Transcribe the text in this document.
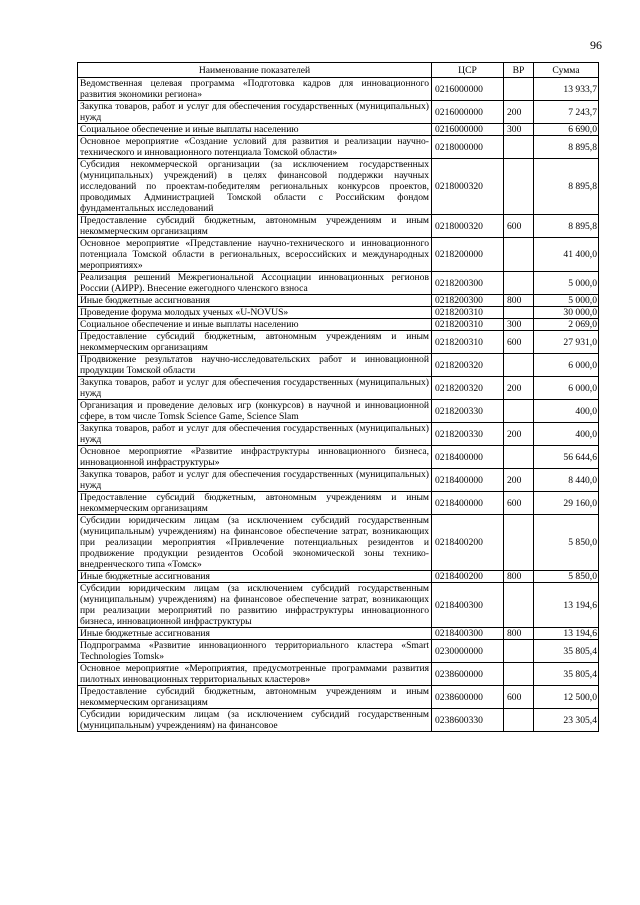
96
Наименование показателей	ЦСР	ВР	Сумма
Ведомственная целевая программа «Подготовка кадров для инновационного развития экономики региона»	0216000000		13 933,7
Закупка товаров, работ и услуг для обеспечения государственных (муниципальных) нужд	0216000000	200	7 243,7
Социальное обеспечение и иные выплаты населению	0216000000	300	6 690,0
Основное мероприятие «Создание условий для развития и реализации научно-технического и инновационного потенциала Томской области»	0218000000		8 895,8
Субсидия некоммерческой организации (за исключением государственных (муниципальных) учреждений) в целях финансовой поддержки научных исследований по проектам-победителям региональных конкурсов проектов, проводимых Администрацией Томской области с Российским фондом фундаментальных исследований	0218000320		8 895,8
Предоставление субсидий бюджетным, автономным учреждениям и иным некоммерческим организациям	0218000320	600	8 895,8
Основное мероприятие «Представление научно-технического и инновационного потенциала Томской области в региональных, всероссийских и международных мероприятиях»	0218200000		41 400,0
Реализация решений Межрегиональной Ассоциации инновационных регионов России (АИРР). Внесение ежегодного членского взноса	0218200300		5 000,0
Иные бюджетные ассигнования	0218200300	800	5 000,0
Проведение форума молодых ученых «U-NOVUS»	0218200310		30 000,0
Социальное обеспечение и иные выплаты населению	0218200310	300	2 069,0
Предоставление субсидий бюджетным, автономным учреждениям и иным некоммерческим организациям	0218200310	600	27 931,0
Продвижение результатов научно-исследовательских работ и инновационной продукции Томской области	0218200320		6 000,0
Закупка товаров, работ и услуг для обеспечения государственных (муниципальных) нужд	0218200320	200	6 000,0
Организация и проведение деловых игр (конкурсов) в научной и инновационной сфере, в том числе Tomsk Science Game, Science Slam	0218200330		400,0
Закупка товаров, работ и услуг для обеспечения государственных (муниципальных) нужд	0218200330	200	400,0
Основное мероприятие «Развитие инфраструктуры инновационного бизнеса, инновационной инфраструктуры»	0218400000		56 644,6
Закупка товаров, работ и услуг для обеспечения государственных (муниципальных) нужд	0218400000	200	8 440,0
Предоставление субсидий бюджетным, автономным учреждениям и иным некоммерческим организациям	0218400000	600	29 160,0
Субсидии юридическим лицам (за исключением субсидий государственным (муниципальным) учреждениям) на финансовое обеспечение затрат, возникающих при реализации мероприятия «Привлечение потенциальных резидентов и продвижение продукции резидентов Особой экономической зоны технико-внедренческого типа «Томск»	0218400200		5 850,0
Иные бюджетные ассигнования	0218400200	800	5 850,0
Субсидии юридическим лицам (за исключением субсидий государственным (муниципальным) учреждениям) на финансовое обеспечение затрат, возникающих при реализации мероприятий по развитию инфраструктуры инновационного бизнеса, инновационной инфраструктуры	0218400300		13 194,6
Иные бюджетные ассигнования	0218400300	800	13 194,6
Подпрограмма «Развитие инновационного территориального кластера «Smart Technologies Tomsk»	0230000000		35 805,4
Основное мероприятие «Мероприятия, предусмотренные программами развития пилотных инновационных территориальных кластеров»	0238600000		35 805,4
Предоставление субсидий бюджетным, автономным учреждениям и иным некоммерческим организациям	0238600000	600	12 500,0
Субсидии юридическим лицам (за исключением субсидий государственным (муниципальным) учреждениям) на финансовое	0238600330		23 305,4
